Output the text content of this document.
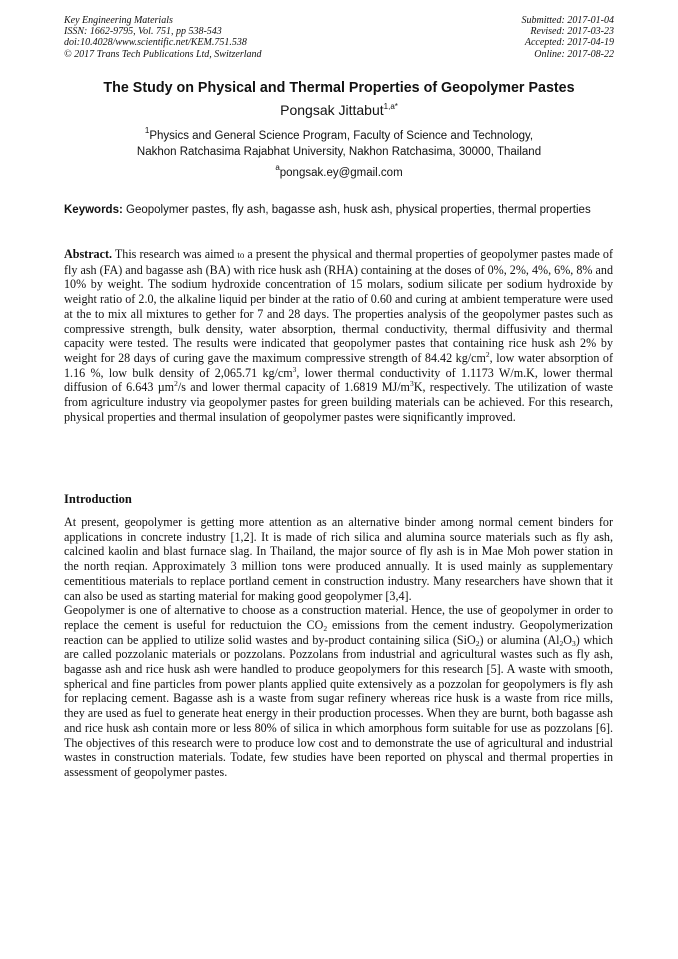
Key Engineering Materials
ISSN: 1662-9795, Vol. 751, pp 538-543
doi:10.4028/www.scientific.net/KEM.751.538
© 2017 Trans Tech Publications Ltd, Switzerland
Submitted: 2017-01-04
Revised: 2017-03-23
Accepted: 2017-04-19
Online: 2017-08-22
The Study on Physical and Thermal Properties of Geopolymer Pastes
Pongsak Jittabut$^{1,a*}$
$^1$Physics and General Science Program, Faculty of Science and Technology,
Nakhon Ratchasima Rajabhat University, Nakhon Ratchasima, 30000, Thailand
$^a$pongsak.ey@gmail.com
Keywords: Geopolymer pastes, fly ash, bagasse ash, husk ash, physical properties, thermal properties

Abstract. This research was aimed to a present the physical and thermal properties of geopolymer pastes made of fly ash (FA) and bagasse ash (BA) with rice husk ash (RHA) containing at the doses of 0%, 2%, 4%, 6%, 8% and 10% by weight. The sodium hydroxide concentration of 15 molars, sodium silicate per sodium hydroxide by weight ratio of 2.0, the alkaline liquid per binder at the ratio of 0.60 and curing at ambient temperature were used at the to mix all mixtures to gether for 7 and 28 days. The properties analysis of the geopolymer pastes such as compressive strength, bulk density, water absorption, thermal conductivity, thermal diffusivity and thermal capacity were tested. The results were indicated that geopolymer pastes that containing rice husk ash 2% by weight for 28 days of curing gave the maximum compressive strength of 84.42 $kg/cm^2$, low water absorption of 1.16 %, low bulk density of 2,065.71 $kg/cm^3$, lower thermal conductivity of 1.1173 W/m.K, lower thermal diffusion of 6.643 µm$^2$/s and lower thermal capacity of 1.6819 $MJ/m^3K$, respectively. The utilization of waste from agriculture industry via geopolymer pastes for green building materials can be achieved. For this research, physical properties and thermal insulation of geopolymer pastes were siqnificantly improved.

Introduction

At present, geopolymer is getting more attention as an alternative binder among normal cement binders for applications in concrete industry [1,2]. It is made of rich silica and alumina source materials such as fly ash, calcined kaolin and blast furnace slag. In Thailand, the major source of fly ash is in Mae Moh power station in the north reqian. Approximately 3 million tons were produced annually. It is used mainly as supplementary cementitious materials to replace portland cement in construction industry. Many researchers have shown that it can also be used as starting material for making good geopolymer [3,4].

Geopolymer is one of alternative to choose as a construction material. Hence, the use of geopolymer in order to replace the cement is useful for reductuion the $CO_2$ emissions from the cement industry. Geopolymerization reaction can be applied to utilize solid wastes and by-product containing silica (SiO$_2$) or alumina $(Al_2O_3)$ which are called pozzolanic materials or pozzolans. Pozzolans from industrial and agricultural wastes such as fly ash, bagasse ash and rice husk ash were handled to produce geopolymers for this research [5]. A waste with smooth, spherical and fine particles from power plants applied quite extensively as a pozzolan for geopolymers is fly ash for replacing cement. Bagasse ash is a waste from sugar refinery whereas rice husk is a waste from rice mills, they are used as fuel to generate heat energy in their production processes. When they are burnt, both bagasse ash and rice husk ash contain more or less 80% of silica in which amorphous form suitable for use as pozzolans [6]. The objectives of this research were to produce low cost and to demonstrate the use of agricultural and industrial wastes in construction materials. Todate, few studies have been reported on physcal and thermal properties in assessment of geopolymer pastes.
